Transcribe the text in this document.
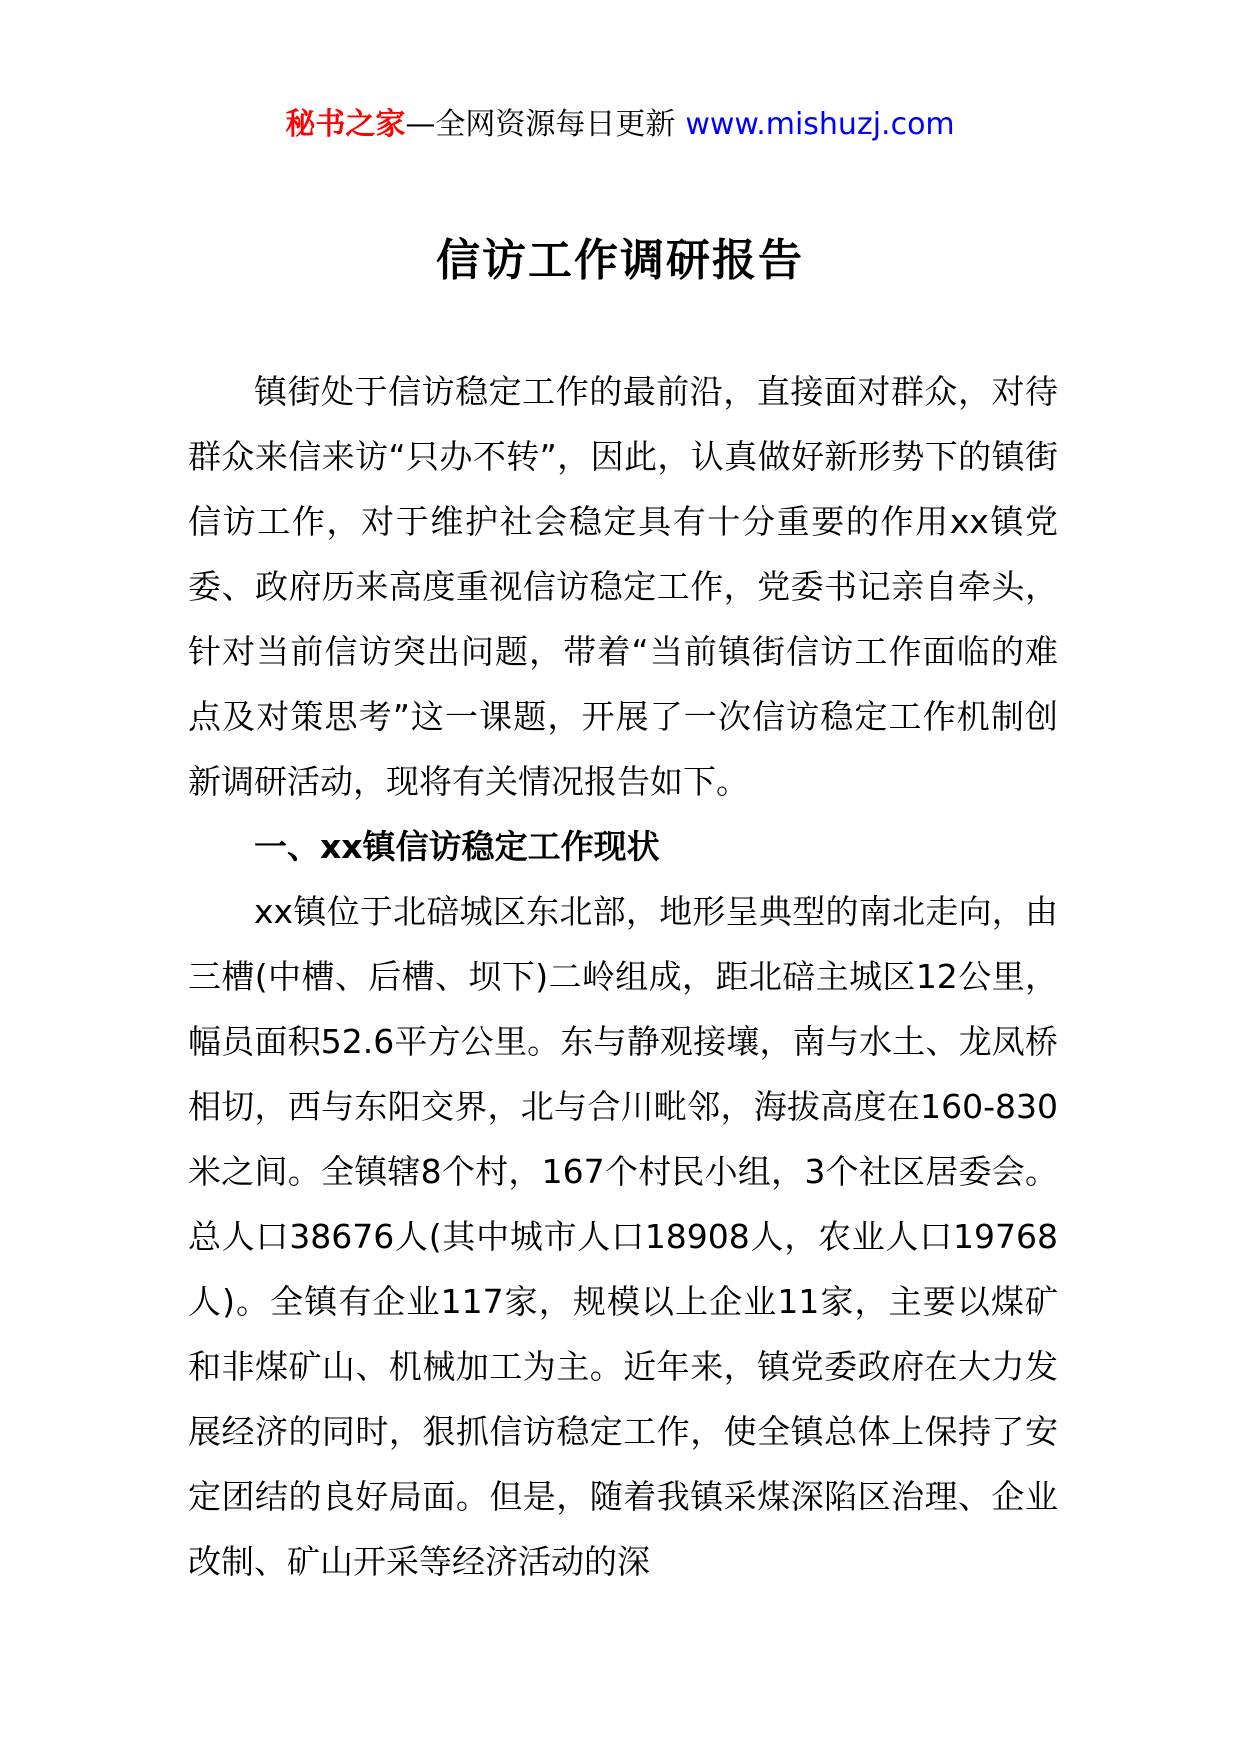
秘书之家—全网资源每日更新 www.mishuzj.com
信访工作调研报告

镇街处于信访稳定工作的最前沿，直接面对群众，对待群众来信来访“只办不转”，因此，认真做好新形势下的镇街信访工作，对于维护社会稳定具有十分重要的作用xx镇党委、政府历来高度重视信访稳定工作，党委书记亲自牵头，针对当前信访突出问题，带着“当前镇街信访工作面临的难点及对策思考”这一课题，开展了一次信访稳定工作机制创新调研活动，现将有关情况报告如下。

一、xx镇信访稳定工作现状

xx镇位于北碚城区东北部，地形呈典型的南北走向，由三槽(中槽、后槽、坝下)二岭组成，距北碚主城区12公里，幅员面积52.6平方公里。东与静观接壤，南与水土、龙凤桥相切，西与东阳交界，北与合川毗邻，海拔高度在160-830米之间。全镇辖8个村，167个村民小组，3个社区居委会。总人口38676人(其中城市人口18908人，农业人口19768人)。全镇有企业117家，规模以上企业11家，主要以煤矿和非煤矿山、机械加工为主。近年来，镇党委政府在大力发展经济的同时，狠抓信访稳定工作，使全镇总体上保持了安定团结的良好局面。但是，随着我镇采煤深陷区治理、企业改制、矿山开采等经济活动的深
